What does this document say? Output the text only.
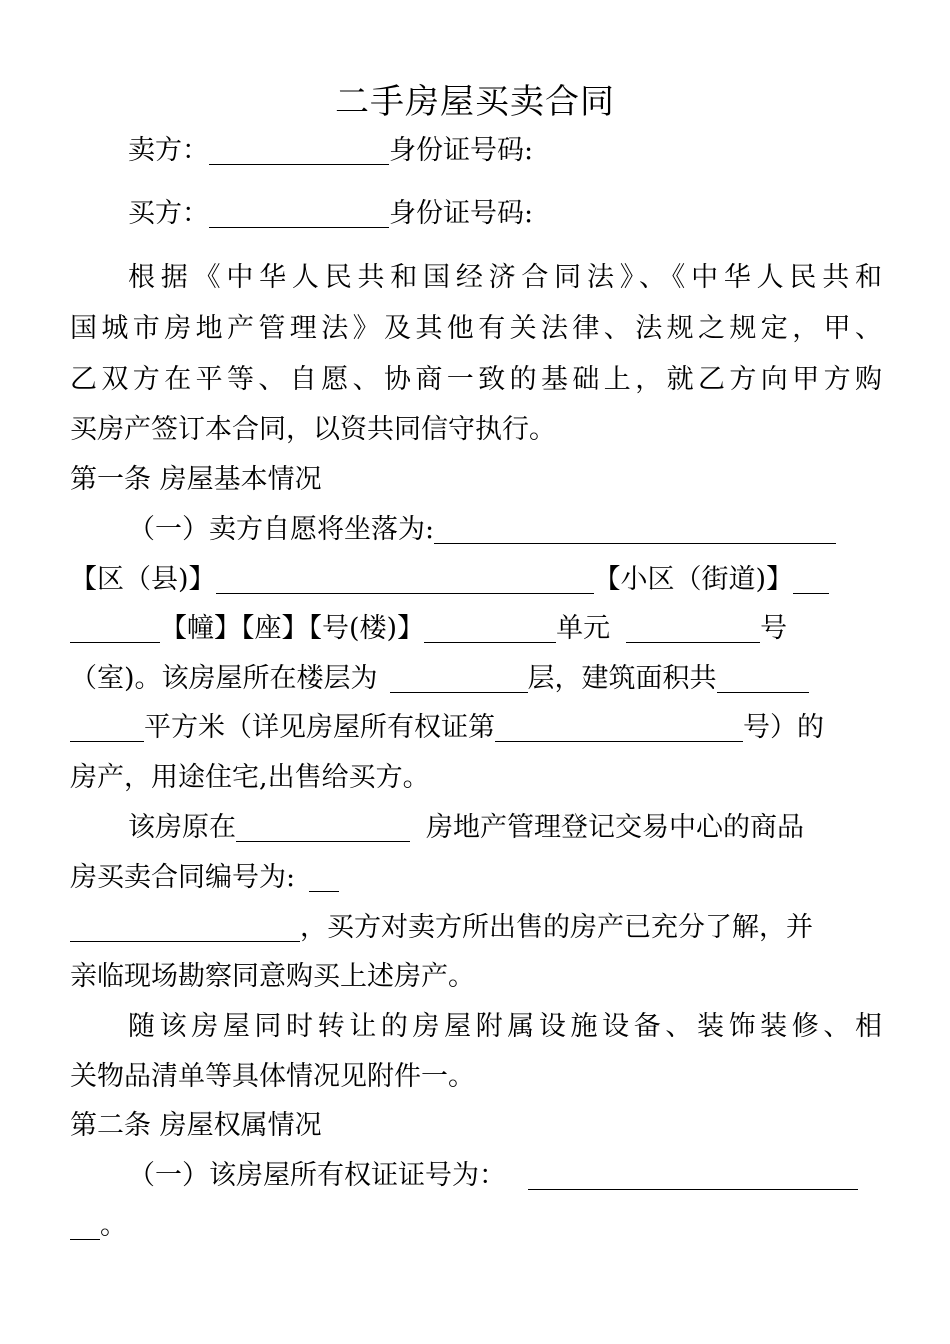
二手房屋买卖合同
卖方：	身份证号码:
买方：	身份证号码:
根据《中华人民共和国经济合同法》、《中华人民共和
国城市房地产管理法》及其他有关法律、法规之规定，甲、
乙双方在平等、自愿、协商一致的基础上，就乙方向甲方购
买房产签订本合同，以资共同信守执行。
第一条 房屋基本情况
（一）卖方自愿将坐落为:
【区（县)】	【小区（街道)】
【幢】【座】【号(楼)】	单元	号
（室)。该房屋所在楼层为	层，建筑面积共
平方米（详见房屋所有权证第	号）的
房产，用途住宅,出售给买方。
该房原在	房地产管理登记交易中心的商品
房买卖合同编号为:
，买方对卖方所出售的房产已充分了解，并
亲临现场勘察同意购买上述房产。
随该房屋同时转让的房屋附属设施设备、装饰装修、相
关物品清单等具体情况见附件一。
第二条 房屋权属情况
（一）该房屋所有权证证号为：
。
